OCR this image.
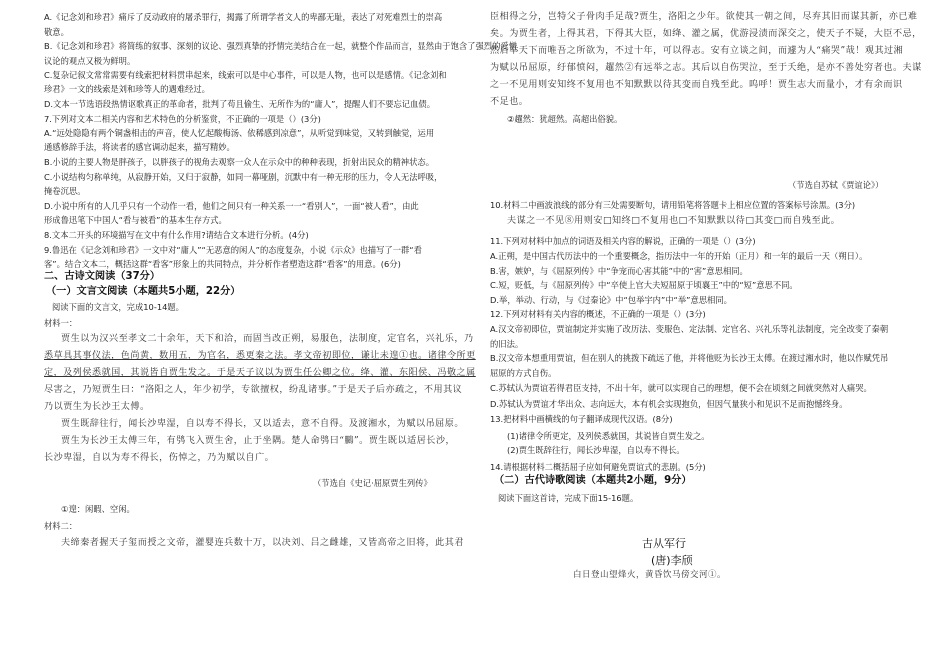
A.《记念刘和珍君》痛斥了反动政府的屠杀罪行，揭露了所谓学者文人的卑鄙无耻，表达了对死难烈士的崇高
敬意。
B.《记念刘和珍君》将简练的叙事、深刻的议论、强烈真挚的抒情完美结合在一起，就整个作品而言，显然由于饱含了强烈的爱憎
议论的观点又极为鲜明。
C.复杂记叙文常常需要有线索把材料贯串起来，线索可以是中心事件，可以是人物，也可以是感情。《记念刘和
珍君》一文的线索是刘和珍等人的遇难经过。
D.文本一节选语段热情讴歌真正的革命者，批判了苟且偷生、无所作为的“庸人”，提醒人们不要忘记血债。
7.下列对文本二相关内容和艺术特色的分析鉴赏，不正确的一项是（）(3分)
A.“远处隐隐有两个铜盏相击的声音，使人忆起酸梅汤、依稀感到凉意”，从听觉到味觉，又转到触觉，运用
通感修辞手法，将读者的感官调动起来，描写精妙。
B.小说的主要人物是胖孩子，以胖孩子的视角去观察一众人在示众中的种种表现，折射出民众的精神状态。
C.小说结构匀称单纯，从寂静开始，又归于寂静，如同一幕哑剧，沉默中有一种无形的压力，令人无法呼吸，
掩卷沉思。
D.小说中所有的人几乎只有一个动作一看，他们之间只有一种关系一一“看别人”，一面“被人看”，由此
形成鲁迅笔下中国人“看与被看”的基本生存方式。
8.文本二开头的环境描写在文中有什么作用?请结合文本进行分析。(4分)
9.鲁迅在《记念刘和珍君》一文中对“庸人”“无恶意的闲人”的态度复杂，小说《示众》也描写了一群“看
客”。结合文本二，概括这群“看客”形象上的共同特点，并分析作者塑造这群“看客”的用意。(6分)
二、古诗文阅读（37分）
（一）文言文阅读（本题共5小题，22分）
阅读下面的文言文，完成10-14题。
材料一：
贾生以为汉兴至孝文二十余年，天下和洽，而固当改正朔，易服色，法制度，定官名，兴礼乐，乃
悉草具其事仪法，色尚黄，数用五，为官名，悉更秦之法。孝文帝初即位，谦让未遑①也。诸律令所更
定，及列侯悉就国，其说皆自贾生发之。于是天子议以为贾生任公卿之位。绛、灌、东阳侯、冯敬之属
尽害之，乃短贾生曰：“洛阳之人，年少初学，专欲擅权，纷乱诸事。”于是天子后亦疏之，不用其议
乃以贾生为长沙王太傅。
贾生既辞往行，闻长沙卑湿，自以寿不得长，又以适去，意不自得。及渡湘水，为赋以吊屈原。
贾生为长沙王太傅三年，有鸮飞入贾生舍，止于坐隅。楚人命鸮曰“鵩”。贾生既以适居长沙，
长沙卑湿，自以为寿不得长，伤悼之，乃为赋以自广。
①遑：闲暇、空闲。
材料二：
夫缔秦者握天子玺而授之文帝，灌婴连兵数十万，以决刘、吕之雌雄，又皆高帝之旧将，此其君
（节选自《史记·屈原贾生列传》
臣相得之分，岂特父子骨肉手足哉?贾生，洛阳之少年。欲使其一朝之间，尽弃其旧而谋其新，亦已难
矣。为贾生者，上得其君，下得其大臣，如绛、灌之属，优游浸渍而深交之，使天子不疑，大臣不忌，
然后举天下而唯吾之所欲为，不过十年，可以得志。安有立谈之间，而遽为人“痛哭”哉！观其过湘
为赋以吊屈原，纡郁愤闷，趯然②有远举之志。其后以自伤哭泣，至于夭绝，是亦不善处穷者也。夫谋
之一不见用则安知终不复用也不知默默以待其变而自残至此。呜呼！贾生志大而量小，才有余而识
不足也。
②趯然：犹超然。高超出俗貌。
10.材料二中画波浪线的部分有三处需要断句，请用铅笔将答题卡上相应位置的答案标号涂黑。(3分)
夫谋之一不见⑧用则安□知终□不复用也□不知默默以待□其变□而自残至此。
11.下列对材料中加点的词语及相关内容的解说，正确的一项是（）(3分)
A.正朔，是中国古代历法中的一个重要概念，指历法中一年的开始（正月）和一年的最后一天（朔日）。
B.害，嫉妒，与《屈原列传》中“争宠而心害其能”中的“害”意思相同。
C.短，贬低，与《屈原列传》中“卒使上官大夫短屈原于顷襄王”中的“短”意思不同。
D.举，举动、行动，与《过秦论》中“包举宇内”中“举”意思相同。
12.下列对材料有关内容的概述，不正确的一项是（）(3分)
A.汉文帝初即位，贾谊制定并实施了改历法、变服色、定法制、定官名、兴礼乐等礼法制度，完全改变了秦朝
的旧法。
B.汉文帝本想重用贾谊，但在别人的挑拨下疏远了他，并将他贬为长沙王太傅。在渡过湘水时，他以作赋凭吊
屈原的方式自伤。
C.苏轼认为贾谊若得君臣支持，不出十年，就可以实现自己的理想，便不会在顷刻之间就突然对人痛哭。
D.苏轼认为贾谊才华出众、志向远大，本有机会实现抱负，但因气量狭小和见识不足而抱憾终身。
13.把材料中画横线的句子翻译成现代汉语。(8分)
(1)诸律令所更定，及列侯悉就国，其说皆自贾生发之。
(2)贾生既辞往行，闻长沙卑湿，自以寿不得长。
14.请根据材料二概括屈子应如何避免贾谊式的悲剧。(5分)
（二）古代诗歌阅读（本题共2小题，9分）
阅读下面这首诗，完成下面15-16题。
（节选自苏轼《贾谊论》）
古从军行
(唐)李颀
白日登山望烽火，黄昏饮马傍交河①。
